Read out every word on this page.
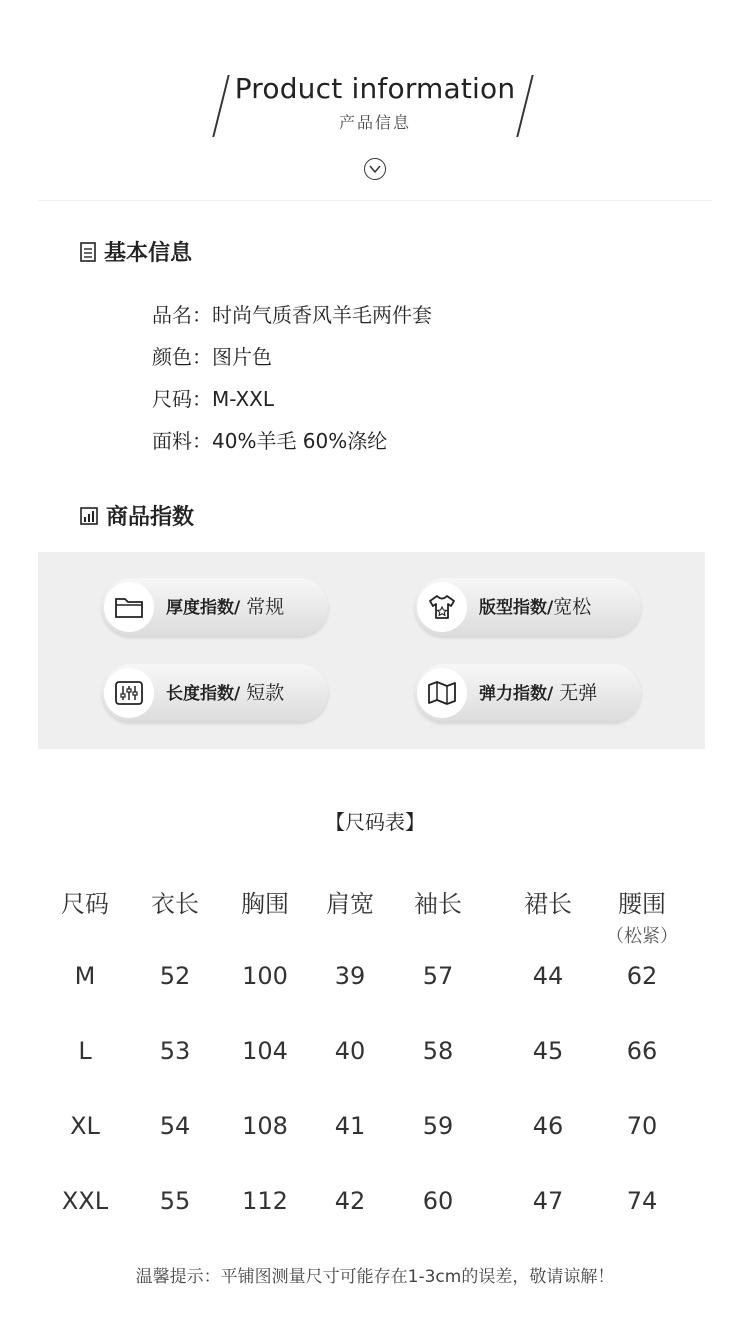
Product information
产品信息
基本信息
品名：时尚气质香风羊毛两件套
颜色：图片色
尺码：M-XXL
面料：40%羊毛 60%涤纶
商品指数
厚度指数/ 常规	版型指数/宽松
长度指数/ 短款	弹力指数/ 无弹
【尺码表】
尺码	衣长	胸围	肩宽	袖长	裙长	腰围
（松紧）
M	52	100	39	57	44	62
L	53	104	40	58	45	66
XL	54	108	41	59	46	70
XXL	55	112	42	60	47	74
温馨提示：平铺图测量尺寸可能存在1-3cm的误差，敬请谅解！
